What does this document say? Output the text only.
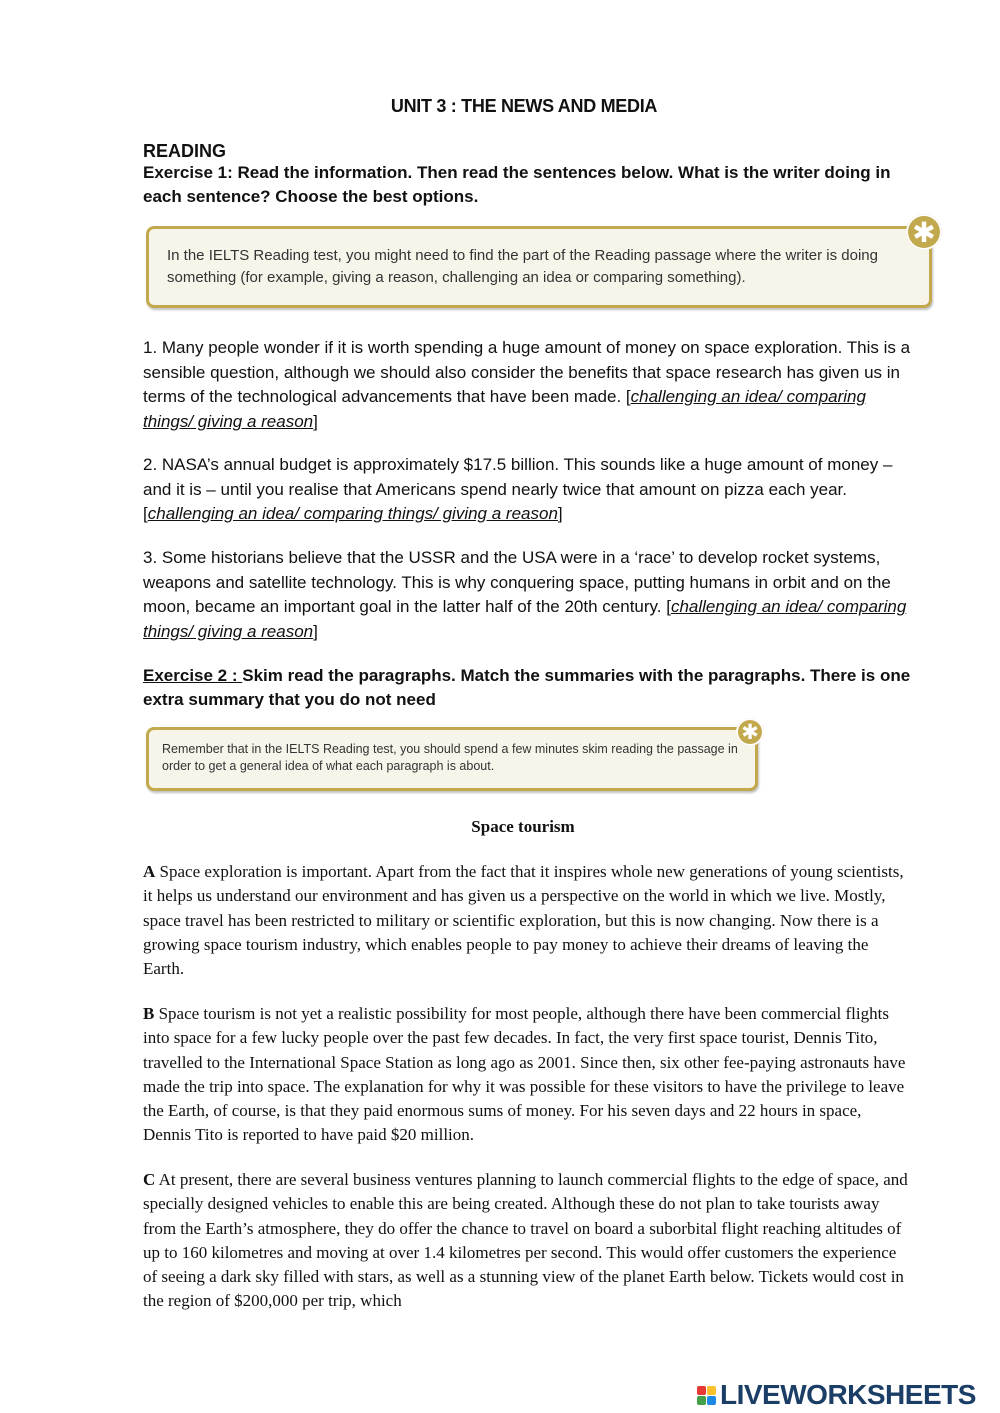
UNIT 3 : THE NEWS AND MEDIA
READING
Exercise 1: Read the information. Then read the sentences below. What is the writer doing in each sentence? Choose the best options.
In the IELTS Reading test, you might need to find the part of the Reading passage where the writer is doing something (for example, giving a reason, challenging an idea or comparing something).
✱
1. Many people wonder if it is worth spending a huge amount of money on space exploration. This is a sensible question, although we should also consider the benefits that space research has given us in terms of the technological advancements that have been made. [challenging an idea/ comparing things/ giving a reason]
2. NASA’s annual budget is approximately $17.5 billion. This sounds like a huge amount of money – and it is – until you realise that Americans spend nearly twice that amount on pizza each year. [challenging an idea/ comparing things/ giving a reason]
3. Some historians believe that the USSR and the USA were in a ‘race’ to develop rocket systems, weapons and satellite technology. This is why conquering space, putting humans in orbit and on the moon, became an important goal in the latter half of the 20th century. [challenging an idea/ comparing things/ giving a reason]
Exercise 2 : Skim read the paragraphs. Match the summaries with the paragraphs. There is one extra summary that you do not need
Remember that in the IELTS Reading test, you should spend a few minutes skim reading the passage in order to get a general idea of what each paragraph is about.
✱
Space tourism
A Space exploration is important. Apart from the fact that it inspires whole new generations of young scientists, it helps us understand our environment and has given us a perspective on the world in which we live. Mostly, space travel has been restricted to military or scientific exploration, but this is now changing. Now there is a growing space tourism industry, which enables people to pay money to achieve their dreams of leaving the Earth.
B Space tourism is not yet a realistic possibility for most people, although there have been commercial flights into space for a few lucky people over the past few decades. In fact, the very first space tourist, Dennis Tito, travelled to the International Space Station as long ago as 2001. Since then, six other fee-paying astronauts have made the trip into space. The explanation for why it was possible for these visitors to have the privilege to leave the Earth, of course, is that they paid enormous sums of money. For his seven days and 22 hours in space, Dennis Tito is reported to have paid $20 million.
C At present, there are several business ventures planning to launch commercial flights to the edge of space, and specially designed vehicles to enable this are being created. Although these do not plan to take tourists away from the Earth’s atmosphere, they do offer the chance to travel on board a suborbital flight reaching altitudes of up to 160 kilometres and moving at over 1.4 kilometres per second. This would offer customers the experience of seeing a dark sky filled with stars, as well as a stunning view of the planet Earth below. Tickets would cost in the region of $200,000 per trip, which
LIVEWORKSHEETS
